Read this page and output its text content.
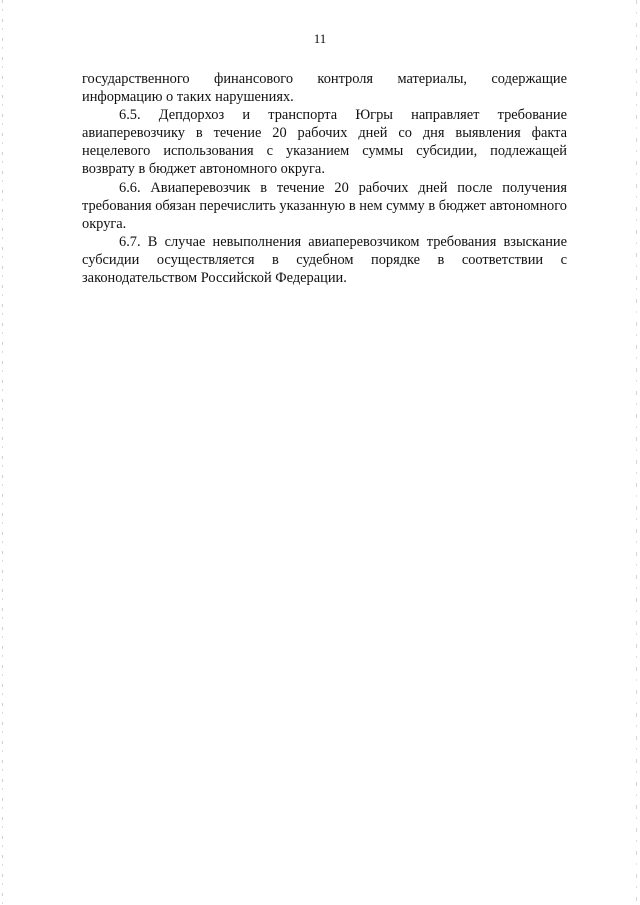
11

государственного финансового контроля материалы, содержащие информацию о таких нарушениях.

6.5. Депдорхоз и транспорта Югры направляет требование авиаперевозчику в течение 20 рабочих дней со дня выявления факта нецелевого использования с указанием суммы субсидии, подлежащей возврату в бюджет автономного округа.

6.6. Авиаперевозчик в течение 20 рабочих дней после получения требования обязан перечислить указанную в нем сумму в бюджет автономного округа.

6.7. В случае невыполнения авиаперевозчиком требования взыскание субсидии осуществляется в судебном порядке в соответствии с законодательством Российской Федерации.
